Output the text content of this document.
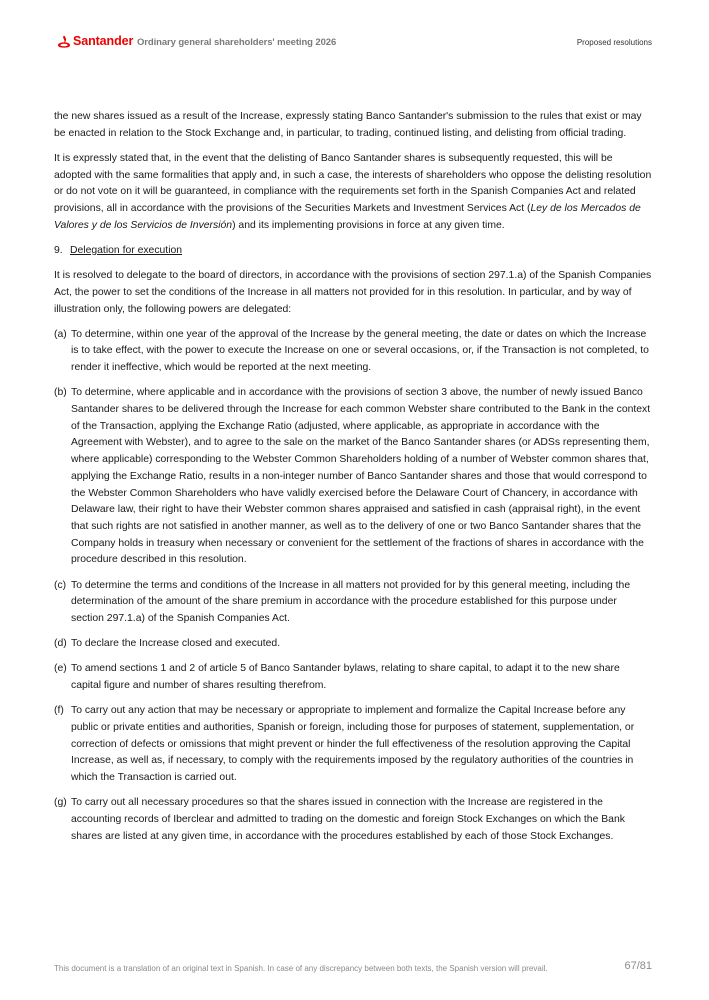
Santander Ordinary general shareholders' meeting 2026	Proposed resolutions

the new shares issued as a result of the Increase, expressly stating Banco Santander's submission to the rules that exist or may be enacted in relation to the Stock Exchange and, in particular, to trading, continued listing, and delisting from official trading.

It is expressly stated that, in the event that the delisting of Banco Santander shares is subsequently requested, this will be adopted with the same formalities that apply and, in such a case, the interests of shareholders who oppose the delisting resolution or do not vote on it will be guaranteed, in compliance with the requirements set forth in the Spanish Companies Act and related provisions, all in accordance with the provisions of the Securities Markets and Investment Services Act (Ley de los Mercados de Valores y de los Servicios de Inversión) and its implementing provisions in force at any given time.

9. Delegation for execution

It is resolved to delegate to the board of directors, in accordance with the provisions of section 297.1.a) of the Spanish Companies Act, the power to set the conditions of the Increase in all matters not provided for in this resolution. In particular, and by way of illustration only, the following powers are delegated:

(a) To determine, within one year of the approval of the Increase by the general meeting, the date or dates on which the Increase is to take effect, with the power to execute the Increase on one or several occasions, or, if the Transaction is not completed, to render it ineffective, which would be reported at the next meeting.
(b) To determine, where applicable and in accordance with the provisions of section 3 above, the number of newly issued Banco Santander shares to be delivered through the Increase for each common Webster share contributed to the Bank in the context of the Transaction, applying the Exchange Ratio (adjusted, where applicable, as appropriate in accordance with the Agreement with Webster), and to agree to the sale on the market of the Banco Santander shares (or ADSs representing them, where applicable) corresponding to the Webster Common Shareholders holding of a number of Webster common shares that, applying the Exchange Ratio, results in a non-integer number of Banco Santander shares and those that would correspond to the Webster Common Shareholders who have validly exercised before the Delaware Court of Chancery, in accordance with Delaware law, their right to have their Webster common shares appraised and satisfied in cash (appraisal right), in the event that such rights are not satisfied in another manner, as well as to the delivery of one or two Banco Santander shares that the Company holds in treasury when necessary or convenient for the settlement of the fractions of shares in accordance with the procedure described in this resolution.
(c) To determine the terms and conditions of the Increase in all matters not provided for by this general meeting, including the determination of the amount of the share premium in accordance with the procedure established for this purpose under section 297.1.a) of the Spanish Companies Act.
(d) To declare the Increase closed and executed.
(e) To amend sections 1 and 2 of article 5 of Banco Santander bylaws, relating to share capital, to adapt it to the new share capital figure and number of shares resulting therefrom.
(f) To carry out any action that may be necessary or appropriate to implement and formalize the Capital Increase before any public or private entities and authorities, Spanish or foreign, including those for purposes of statement, supplementation, or correction of defects or omissions that might prevent or hinder the full effectiveness of the resolution approving the Capital Increase, as well as, if necessary, to comply with the requirements imposed by the regulatory authorities of the countries in which the Transaction is carried out.
(g) To carry out all necessary procedures so that the shares issued in connection with the Increase are registered in the accounting records of Iberclear and admitted to trading on the domestic and foreign Stock Exchanges on which the Bank shares are listed at any given time, in accordance with the procedures established by each of those Stock Exchanges.
This document is a translation of an original text in Spanish. In case of any discrepancy between both texts, the Spanish version will prevail.	67/81
